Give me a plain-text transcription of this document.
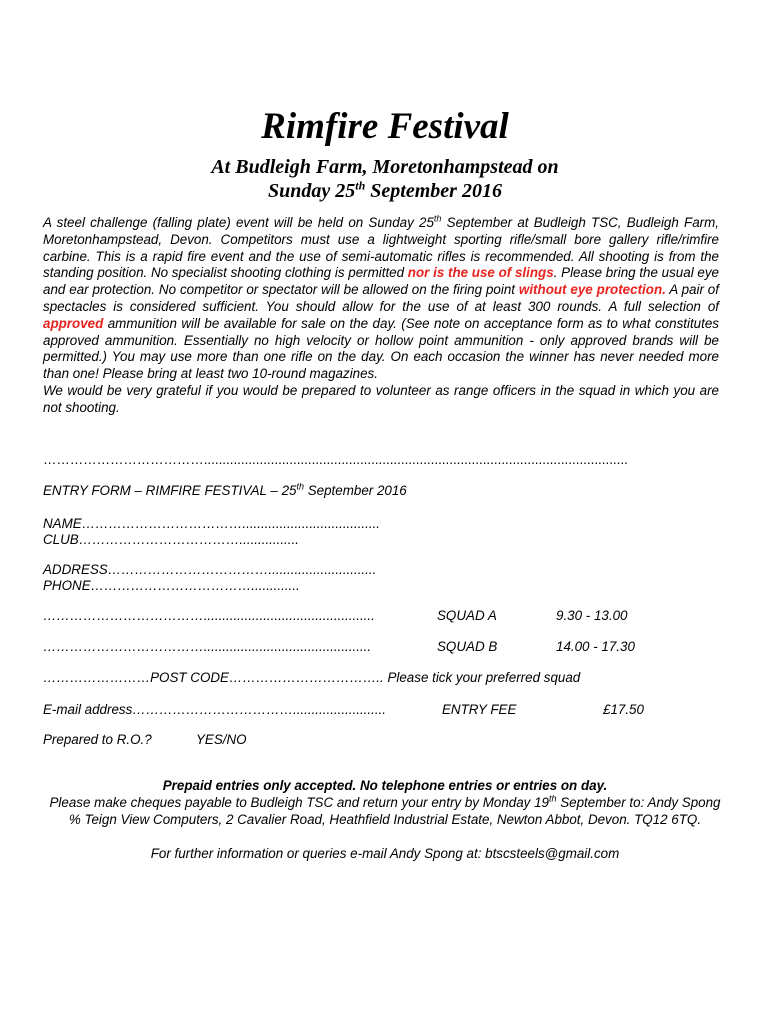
Rimfire Festival
At Budleigh Farm, Moretonhampstead on
Sunday 25th September 2016
A steel challenge (falling plate) event will be held on Sunday 25th September at Budleigh TSC, Budleigh Farm, Moretonhampstead, Devon. Competitors must use a lightweight sporting rifle/small bore gallery rifle/rimfire carbine. This is a rapid fire event and the use of semi-automatic rifles is recommended. All shooting is from the standing position. No specialist shooting clothing is permitted nor is the use of slings. Please bring the usual eye and ear protection. No competitor or spectator will be allowed on the firing point without eye protection. A pair of spectacles is considered sufficient. You should allow for the use of at least 300 rounds. A full selection of approved ammunition will be available for sale on the day. (See note on acceptance form as to what constitutes approved ammunition. Essentially no high velocity or hollow point ammunition - only approved brands will be permitted.) You may use more than one rifle on the day. On each occasion the winner has never needed more than one! Please bring at least two 10-round magazines.
We would be very grateful if you would be prepared to volunteer as range officers in the squad in which you are not shooting.
………………………………..................................................................................................................
ENTRY FORM – RIMFIRE FESTIVAL – 25th September 2016
NAME……………………………….....................................
CLUB………………………………................
ADDRESS……………………………….............................
PHONE……………………………….............
………………………………..............................................	SQUAD A	9.30 - 13.00
……………………………….............................................	SQUAD B	14.00 - 17.30
……………………POST CODE…………………………….. Please tick your preferred squad
E-mail address……………………………….........................	ENTRY FEE	£17.50
Prepared to R.O.?	YES/NO
Prepaid entries only accepted. No telephone entries or entries on day.
Please make cheques payable to Budleigh TSC and return your entry by Monday 19th September to: Andy Spong % Teign View Computers, 2 Cavalier Road, Heathfield Industrial Estate, Newton Abbot, Devon. TQ12 6TQ.
For further information or queries e-mail Andy Spong at: btscsteels@gmail.com
